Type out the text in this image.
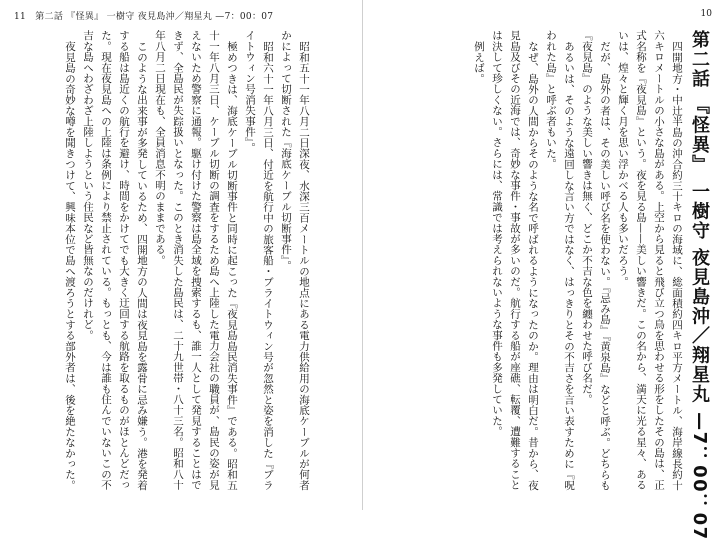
11 第二話 『怪異』 一樹守 夜見島沖／翔星丸 —7：00：07

昭和五十一年八月二日深夜、水深三百メートルの地点にある電力供給用の海底ケーブルが何者かによって切断された『海底ケーブル切断事件』。

昭和六十一年八月三日、付近を航行中の旅客船・ブライトウィン号が忽然と姿を消した『ブライトウィン号消失事件』。

極めつきは、海底ケーブル切断事件と同時に起こった『夜見島島民消失事件』である。昭和五十一年八月三日、ケーブル切断の調査をするため島へ上陸した電力会社の職員が、島民の姿が見えないため警察に通報。駆け付けた警察は島全域を捜索するも、誰一人として発見することはできず、全島民が失踪扱いとなった。このとき消失した島民は、二十九世帯・八十三名。昭和八十年八月二日現在も、全員消息不明のままである。

このような出来事が多発しているため、四開地方の人間は夜見島を露骨に忌み嫌う。港を発着する船は島近くの航行を避け、時間をかけてでも大きく迂回する航路を取るものがほとんどだった。現在夜見島への上陸は条例により禁止されている。もっとも、今は誰も住んでいないこの不吉な島へわざわざ上陸しようという住民など皆無なのだけれど。

夜見島の奇妙な噂を聞きつけて、興味本位で島へ渡ろうとする部外者は、後を絶たなかった。

10
第二話 『怪異』 一樹守 夜見島沖／翔星丸 —7：00：07

四開地方・中辻半島の沖合約三十キロの海域に、総面積約四キロ平方メートル、海岸線長約十六キロメートルの小さな島がある。上空から見ると飛び立つ鳥を思わせる形をしたその島は、正式名称を『夜見島』という。夜を見る島——美しい響きだ。この名から、満天に光る星々、あるいは、煌々と輝く月を思い浮かべる人も多いだろう。

だが、島外の者は、その美しい呼び名を使わない。『忌み島』『黄泉島』などと呼ぶ。どちらも『夜見島』のような美しい響きは無く、どこか不吉な色を纏わせた呼び名だ。

あるいは、そのような遠回しな言い方ではなく、はっきりとその不吉さを言い表すために『呪われた島』と呼ぶ者もいた。

なぜ、島外の人間からそのような名で呼ばれるようになったのか。理由は明白だ。昔から、夜見島及びその近海では、奇妙な事件・事故が多いのだ。航行する船が座礁、転覆、遭難することは決して珍しくない。さらには、常識では考えられないような事件も多発していた。

例えば。
